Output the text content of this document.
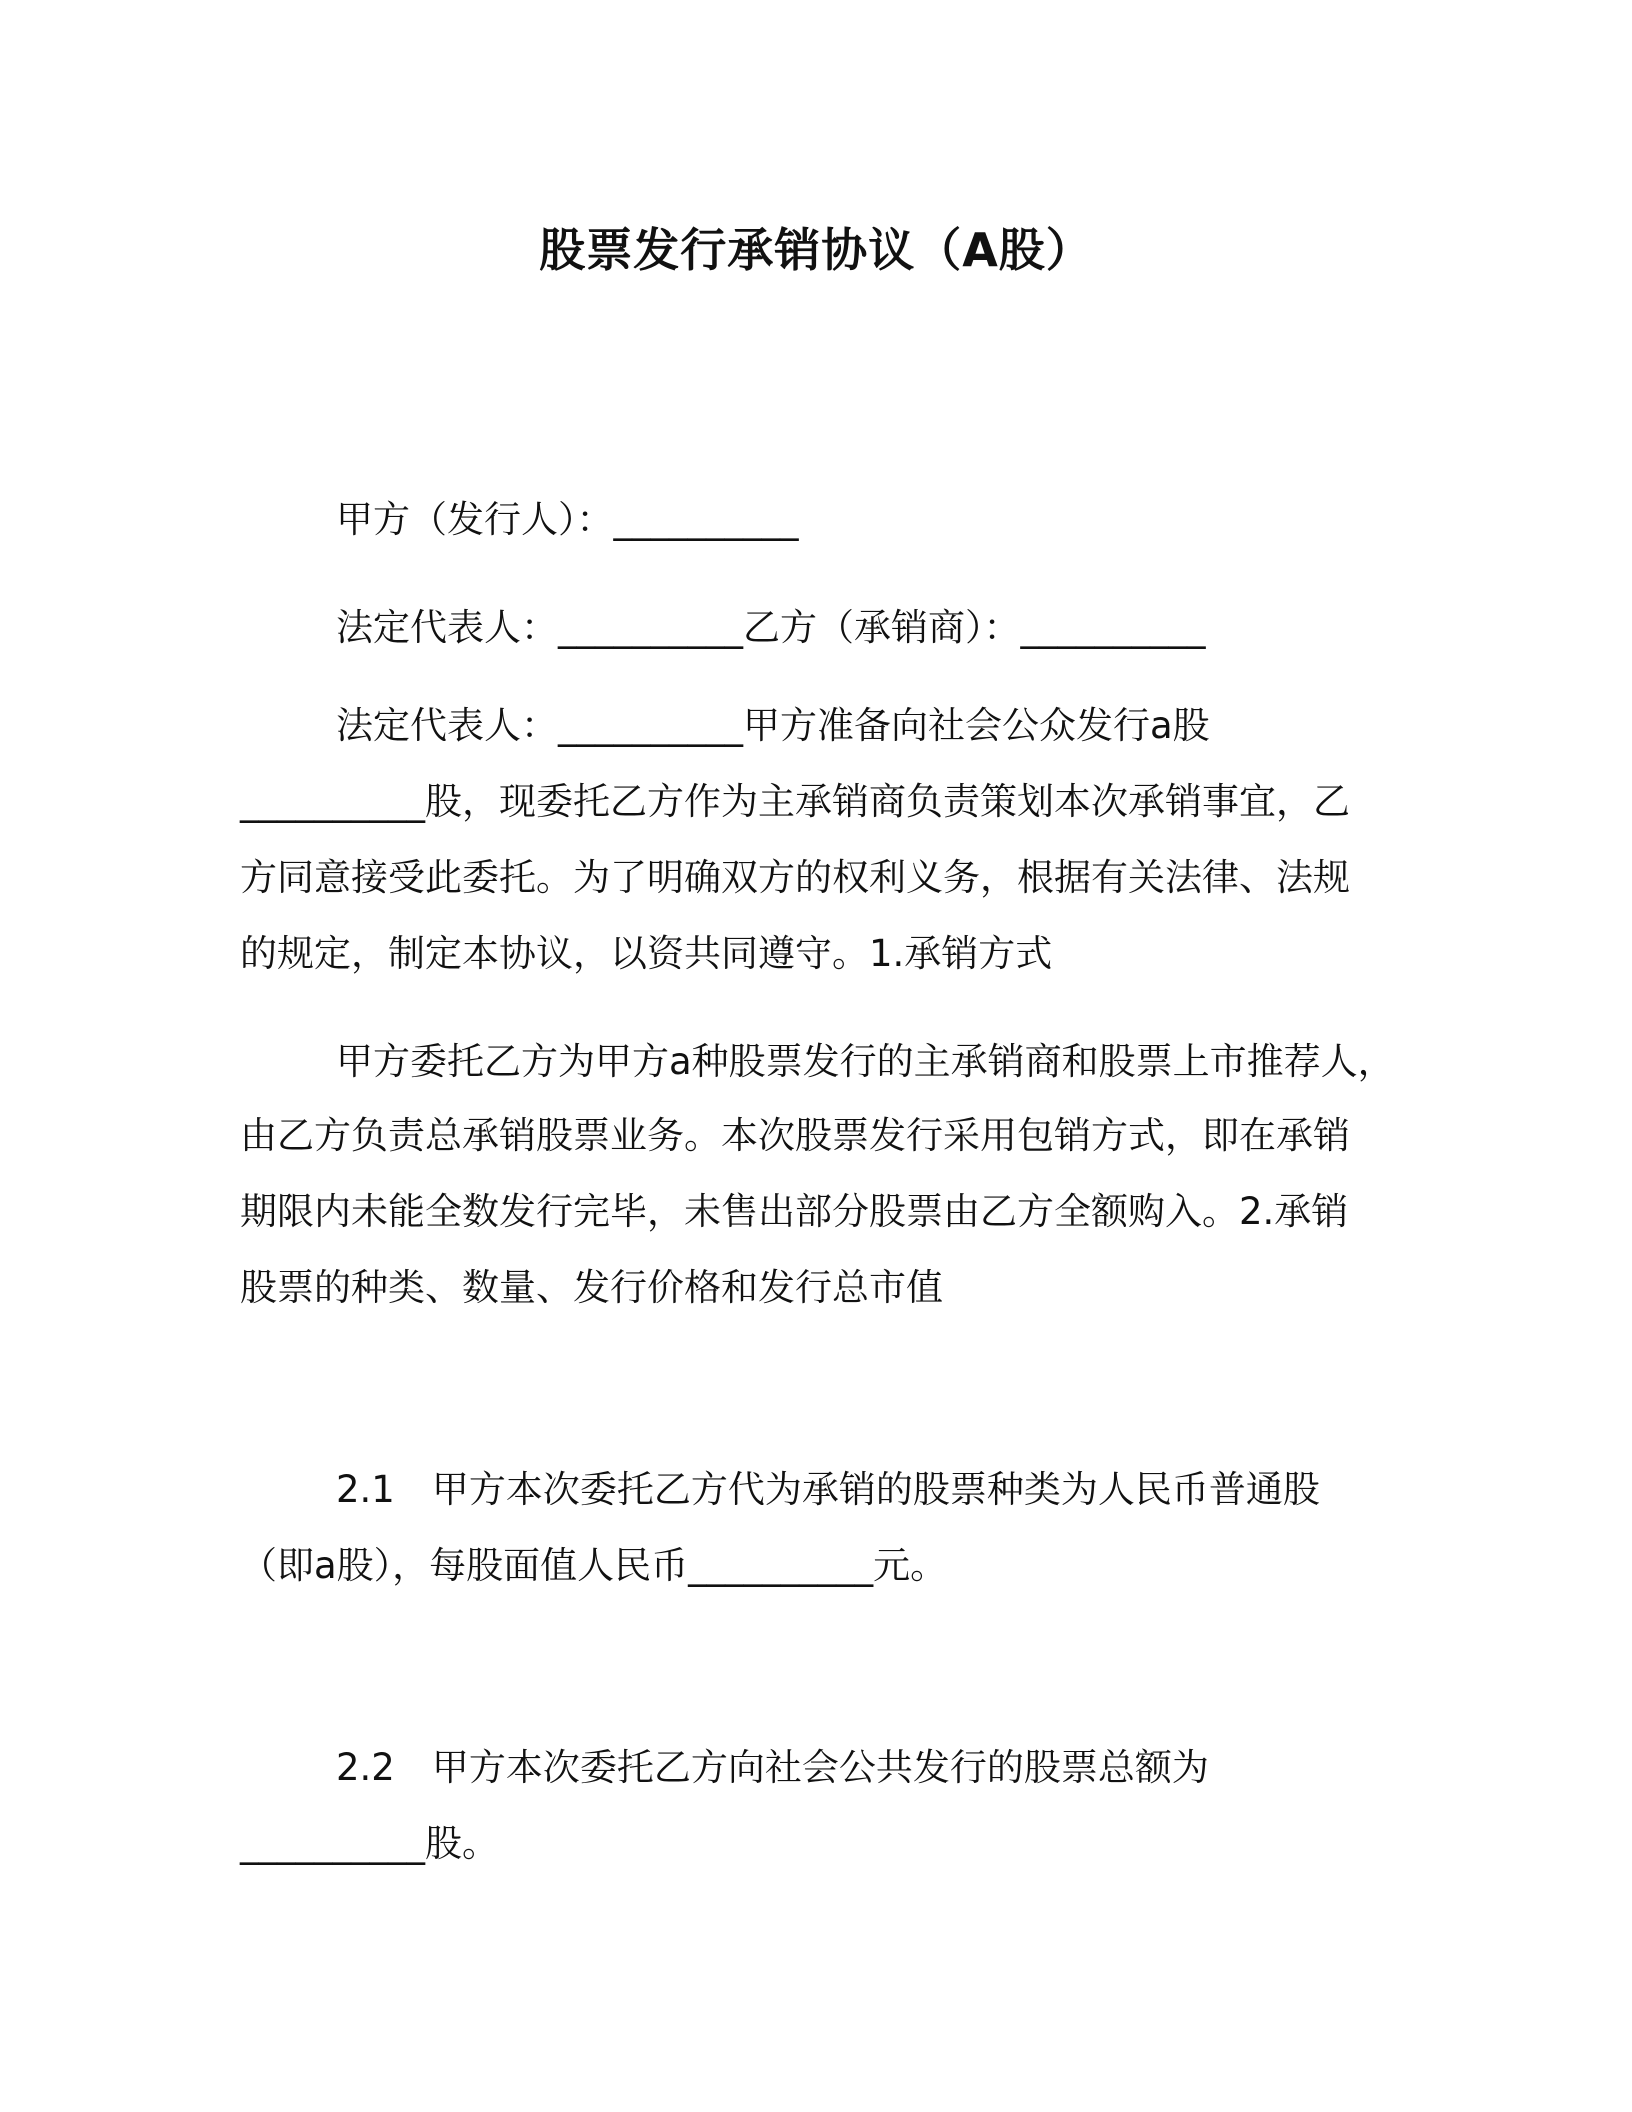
股票发行承销协议（A股）
甲方（发行人）：__________
法定代表人：__________乙方（承销商）：__________
法定代表人：__________甲方准备向社会公众发行a股
__________股，现委托乙方作为主承销商负责策划本次承销事宜，乙
方同意接受此委托。为了明确双方的权利义务，根据有关法律、法规
的规定，制定本协议，以资共同遵守。1.承销方式
甲方委托乙方为甲方a种股票发行的主承销商和股票上市推荐人，
由乙方负责总承销股票业务。本次股票发行采用包销方式，即在承销
期限内未能全数发行完毕，未售出部分股票由乙方全额购入。2.承销
股票的种类、数量、发行价格和发行总市值
2.1　甲方本次委托乙方代为承销的股票种类为人民币普通股
（即a股），每股面值人民币__________元。
2.2　甲方本次委托乙方向社会公共发行的股票总额为
__________股。
